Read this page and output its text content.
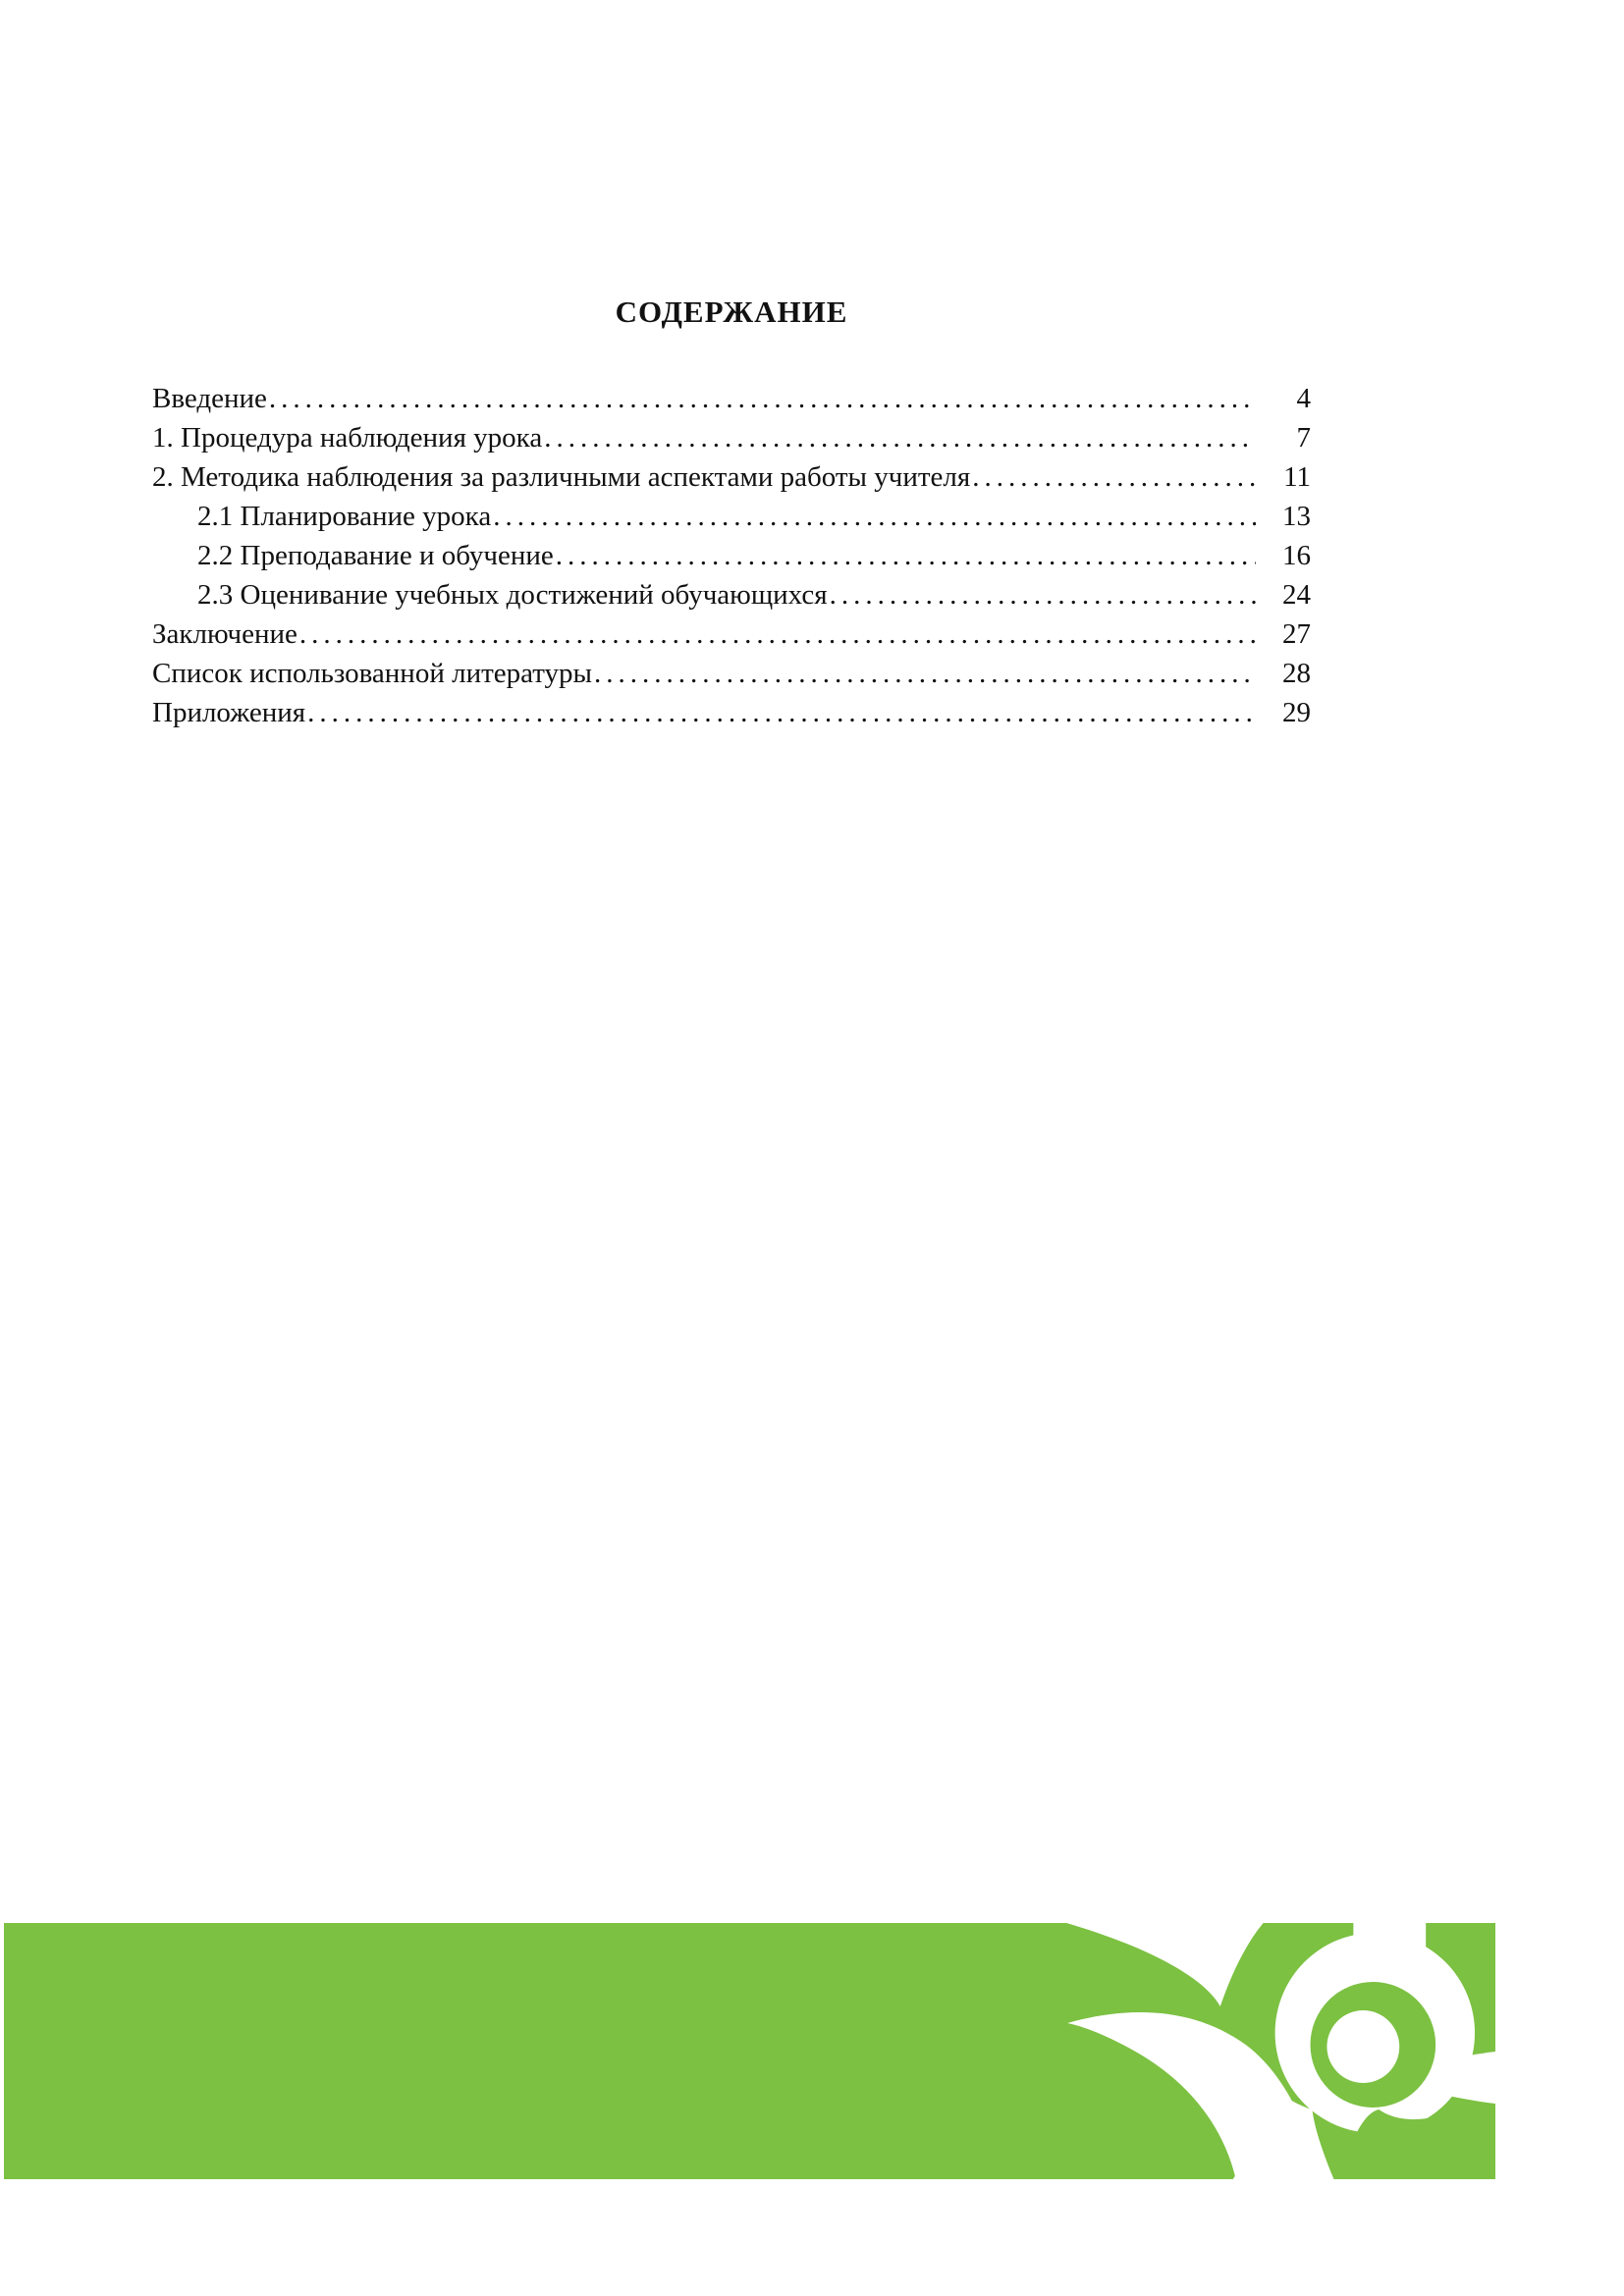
СОДЕРЖАНИЕ
Введение .....	4
1. Процедура наблюдения урока .....	7
2. Методика наблюдения за различными аспектами работы учителя .....	11
2.1 Планирование урока .....	13
2.2 Преподавание и обучение .....	16
2.3 Оценивание учебных достижений обучающихся .....	24
Заключение .....	27
Список использованной литературы .....	28
Приложения .....	29
